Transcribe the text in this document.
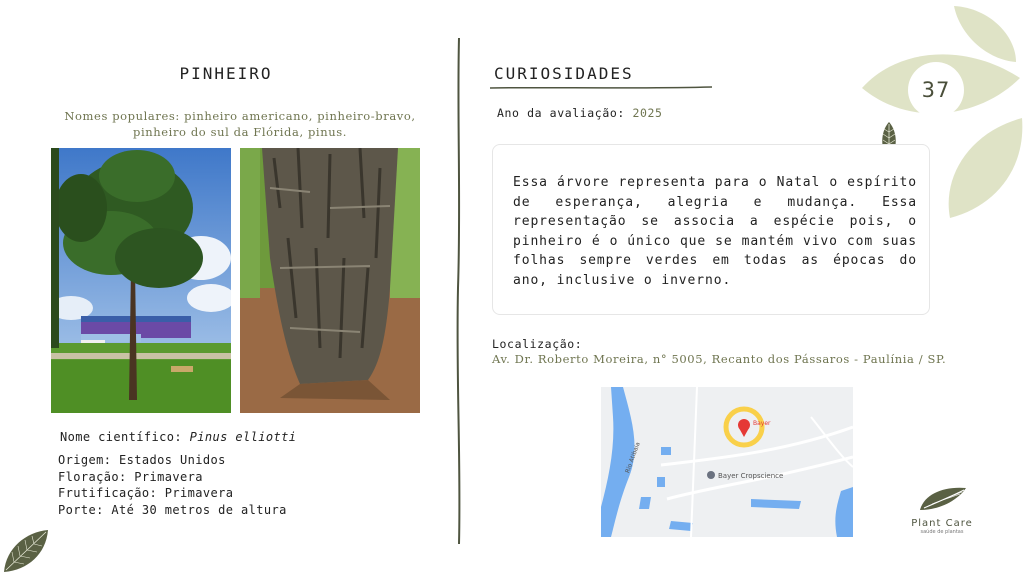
37
PINHEIRO
Nomes populares: pinheiro americano, pinheiro-bravo,
pinheiro do sul da Flórida, pinus.
Nome científico: Pinus elliotti
Origem: Estados Unidos
Floração: Primavera
Frutificação: Primavera
Porte: Até 30 metros de altura
CURIOSIDADES
Ano da avaliação: 2025

Essa árvore representa para o Natal o espírito de esperança, alegria e mudança. Essa representação se associa a espécie pois, o pinheiro é o único que se mantém vivo com suas folhas sempre verdes em todas as épocas do ano, inclusive o inverno.

Localização:
Av. Dr. Roberto Moreira, n° 5005, Recanto dos Pássaros - Paulínia / SP.
Rio Atibaia
Bayer
Bayer Cropscience
Plant Care
saúde de plantas
